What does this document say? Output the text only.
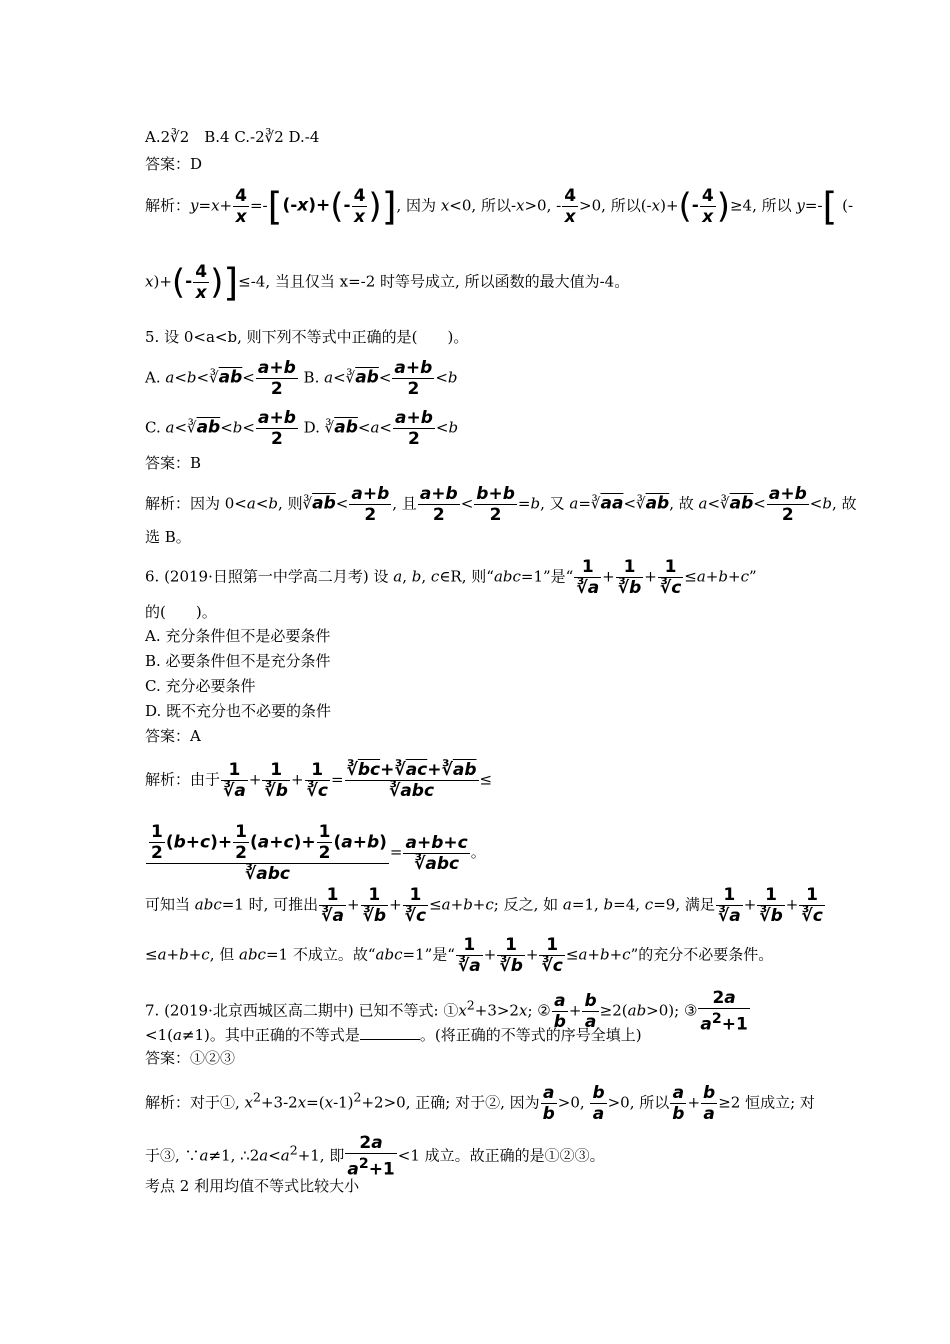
A.2∛2　B.4 C.-2∛2 D.-4
答案：D
解析：$y=x+ \frac{4}{x} =-[(-x)+(- \frac{4}{x}$ )], 因为 x<0, 所以-x>0, - $\frac{4}{x} >0$, 所以$(-x)+(- \frac{4}{x} )\ge 4$, 所以 y=-[ (-
$x)+(- \frac{4}{x} )]\le-4$, 当且仅当 x=-2 时等号成立, 所以函数的最大值为-4。
5. 设 0<a<b, 则下列不等式中正确的是(　　)。
A. $a<b<∛\overline{ab}< \frac{a+b}{2} B$. $a<∛\overline{ab}< \frac{a+b}{2} <b$
C. $a<∛\overline{ab}<b< \frac{a+b}{2} D$. $∛\overline{ab}<a< \frac{a+b}{2} <b$
答案：B
解析：因为 0<a<b, 则$∛\overline{ab}< \frac{a+b}{2}$ , 且 $\frac{a+b}{2} < \frac{b+b}{2} =b$, 又 $a=∛\overline{aa}<∛\overline{ab}$, 故 $a<∛\overline{ab}< \frac{a+b}{2} <b$, 故
选 B。
6. (2019·日照第一中学高二月考) 设 a, b, c∈R, 则“abc=1”是“ $\frac{1}{∛a} + \frac{1}{∛b} + \frac{1}{∛c} \le a+b+c$”
的(　　)。
A. 充分条件但不是必要条件
B. 必要条件但不是充分条件
C. 充分必要条件
D. 既不充分也不必要的条件
答案：A
解析：由于 $\frac{1}{∛a} + \frac{1}{∛b} + \frac{1}{∛c} = \frac{∛\overline{bc}+∛\overline{ac}+∛\overline{ab}}{∛\overline{abc}}$ ≤
$\frac{\frac{1}{2} (b+c)+ \frac{1}{2} (a+c)+ \frac{1}{2} (a+b)}{∛\overline{abc}} = \frac{a+b+c}{∛\overline{abc}}$ 。
可知当 abc=1 时, 可推出 $\frac{1}{∛a} + \frac{1}{∛b} + \frac{1}{∛c} \le a+b+c$; 反之, 如 a=1, b=4, c=9, 满足 $\frac{1}{∛a} + \frac{1}{∛b} + \frac{1}{∛c}$
≤a+b+c, 但 abc=1 不成立。故“abc=1”是“ $\frac{1}{∛a} + \frac{1}{∛b} + \frac{1}{∛c} \le a+b+c$”的充分不必要条件。
7. (2019·北京西城区高二期中) 已知不等式: $①x^2+3>2x$; ② $\frac{a}{b} + \frac{b}{a} \ge 2(ab>0)$; ③ $\frac{2a}{a^2+1}$
<1(a≠1)。其中正确的不等式是	。(将正确的不等式的序号全填上)
答案：①②③
解析：对于①, $x^2+3-2x=(x-1)^2+2>0$, 正确; 对于②, 因为 $\frac{a}{b} >0$, $\frac{b}{a} >0$, 所以 $\frac{a}{b} + \frac{b}{a} \ge 2$ 恒成立; 对
于③, ∵a≠1, $\therefore 2a<a^2+1$, 即 $\frac{2a}{a^2+1} <1$ 成立。故正确的是①②③。
考点 2 利用均值不等式比较大小
